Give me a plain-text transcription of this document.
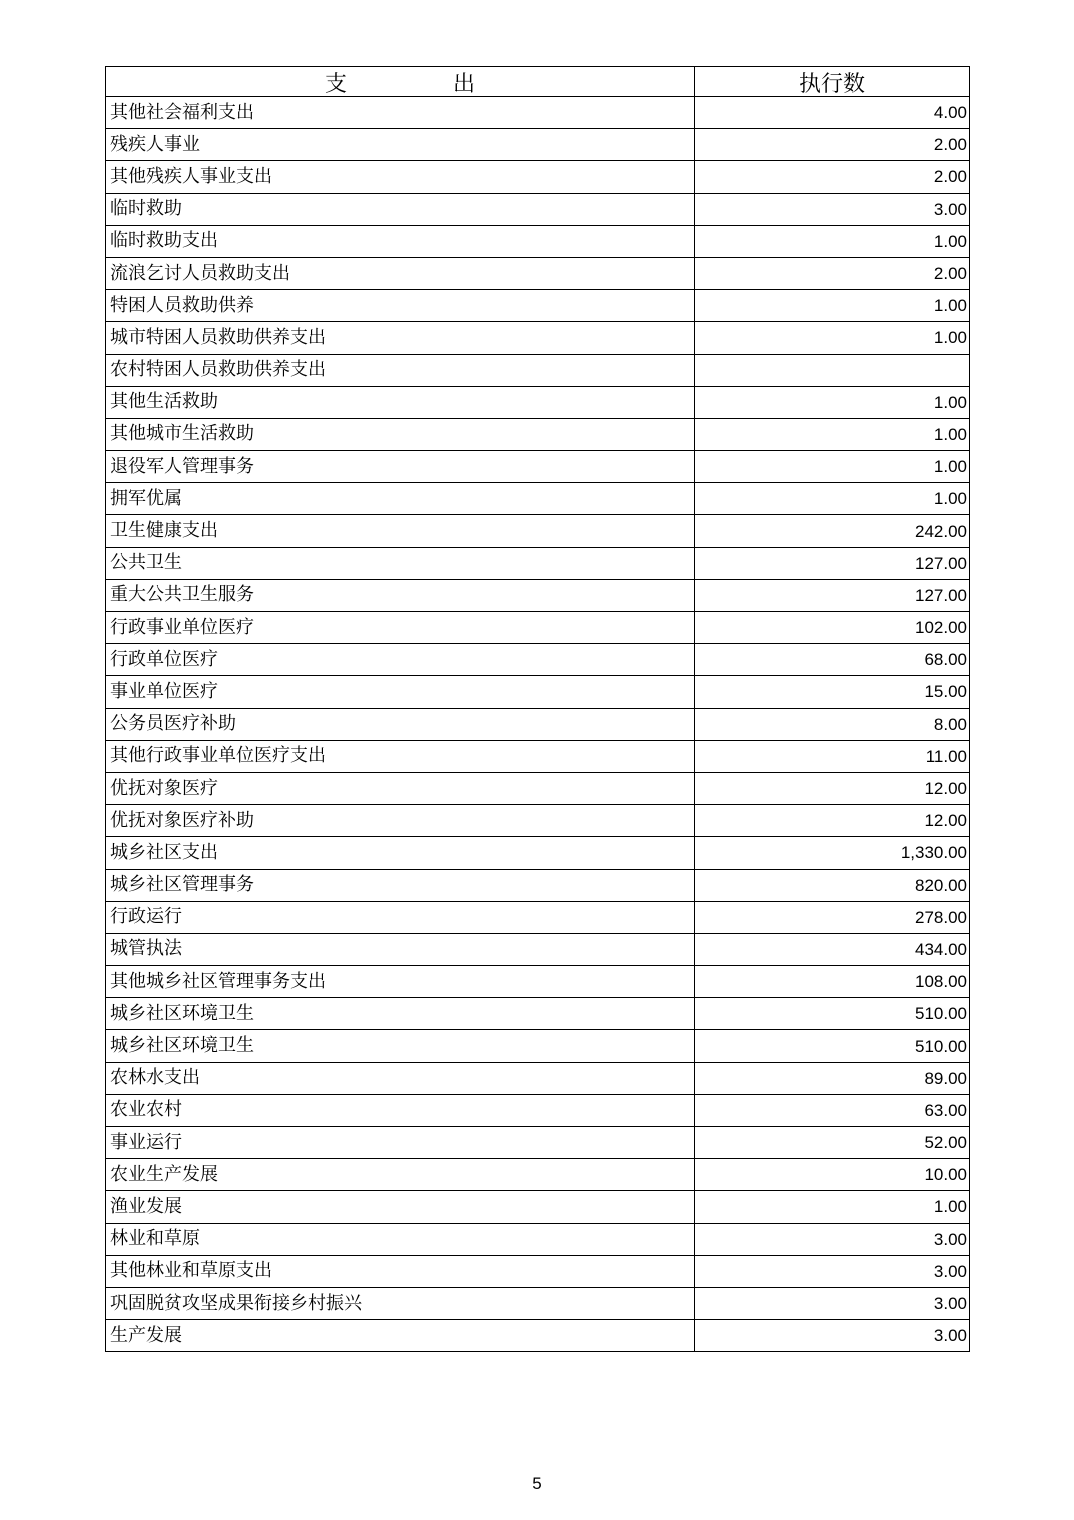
支 出	执行数
其他社会福利支出	4.00
残疾人事业	2.00
其他残疾人事业支出	2.00
临时救助	3.00
临时救助支出	1.00
流浪乞讨人员救助支出	2.00
特困人员救助供养	1.00
城市特困人员救助供养支出	1.00
农村特困人员救助供养支出	
其他生活救助	1.00
其他城市生活救助	1.00
退役军人管理事务	1.00
拥军优属	1.00
卫生健康支出	242.00
公共卫生	127.00
重大公共卫生服务	127.00
行政事业单位医疗	102.00
行政单位医疗	68.00
事业单位医疗	15.00
公务员医疗补助	8.00
其他行政事业单位医疗支出	11.00
优抚对象医疗	12.00
优抚对象医疗补助	12.00
城乡社区支出	1,330.00
城乡社区管理事务	820.00
行政运行	278.00
城管执法	434.00
其他城乡社区管理事务支出	108.00
城乡社区环境卫生	510.00
城乡社区环境卫生	510.00
农林水支出	89.00
农业农村	63.00
事业运行	52.00
农业生产发展	10.00
渔业发展	1.00
林业和草原	3.00
其他林业和草原支出	3.00
巩固脱贫攻坚成果衔接乡村振兴	3.00
生产发展	3.00
5
